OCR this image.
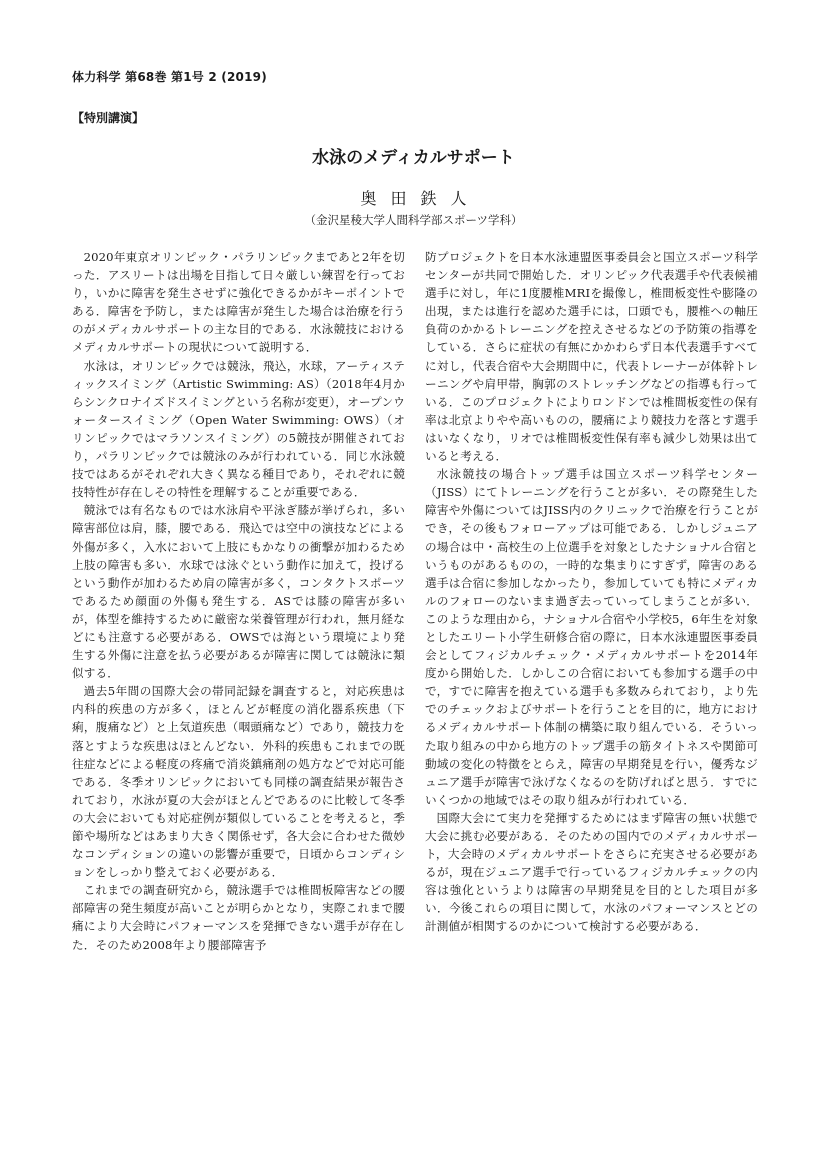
体力科学 第68巻 第1号 2 (2019)
【特別講演】
水泳のメディカルサポート
奥田鉄人
（金沢星稜大学人間科学部スポーツ学科）

2020年東京オリンピック・パラリンピックまであと2年を切った．アスリートは出場を目指して日々厳しい練習を行っており，いかに障害を発生させずに強化できるかがキーポイントである．障害を予防し，または障害が発生した場合は治療を行うのがメディカルサポートの主な目的である．水泳競技におけるメディカルサポートの現状について説明する．

水泳は，オリンピックでは競泳，飛込，水球，アーティスティックスイミング（Artistic Swimming: AS）（2018年4月からシンクロナイズドスイミングという名称が変更），オープンウォータースイミング（Open Water Swimming: OWS）（オリンピックではマラソンスイミング）の5競技が開催されており，パラリンピックでは競泳のみが行われている．同じ水泳競技ではあるがそれぞれ大きく異なる種目であり，それぞれに競技特性が存在しその特性を理解することが重要である．

競泳では有名なものでは水泳肩や平泳ぎ膝が挙げられ，多い障害部位は肩，膝，腰である．飛込では空中の演技などによる外傷が多く，入水において上肢にもかなりの衝撃が加わるため上肢の障害も多い．水球では泳ぐという動作に加えて，投げるという動作が加わるため肩の障害が多く，コンタクトスポーツであるため顔面の外傷も発生する．ASでは膝の障害が多いが，体型を維持するために厳密な栄養管理が行われ，無月経などにも注意する必要がある．OWSでは海という環境により発生する外傷に注意を払う必要があるが障害に関しては競泳に類似する．

過去5年間の国際大会の帯同記録を調査すると，対応疾患は内科的疾患の方が多く，ほとんどが軽度の消化器系疾患（下痢，腹痛など）と上気道疾患（咽頭痛など）であり，競技力を落とすような疾患はほとんどない．外科的疾患もこれまでの既往症などによる軽度の疼痛で消炎鎮痛剤の処方などで対応可能である．冬季オリンピックにおいても同様の調査結果が報告されており，水泳が夏の大会がほとんどであるのに比較して冬季の大会においても対応症例が類似していることを考えると，季節や場所などはあまり大きく関係せず，各大会に合わせた微妙なコンディションの違いの影響が重要で，日頃からコンディションをしっかり整えておく必要がある．

これまでの調査研究から，競泳選手では椎間板障害などの腰部障害の発生頻度が高いことが明らかとなり，実際これまで腰痛により大会時にパフォーマンスを発揮できない選手が存在した．そのため2008年より腰部障害予

防プロジェクトを日本水泳連盟医事委員会と国立スポーツ科学センターが共同で開始した．オリンピック代表選手や代表候補選手に対し，年に1度腰椎MRIを撮像し，椎間板変性や膨隆の出現，または進行を認めた選手には，口頭でも，腰椎への軸圧負荷のかかるトレーニングを控えさせるなどの予防策の指導をしている．さらに症状の有無にかかわらず日本代表選手すべてに対し，代表合宿や大会期間中に，代表トレーナーが体幹トレーニングや肩甲帯，胸郭のストレッチングなどの指導も行っている．このプロジェクトによりロンドンでは椎間板変性の保有率は北京よりやや高いものの，腰痛により競技力を落とす選手はいなくなり，リオでは椎間板変性保有率も減少し効果は出ていると考える．

水泳競技の場合トップ選手は国立スポーツ科学センター（JISS）にてトレーニングを行うことが多い．その際発生した障害や外傷についてはJISS内のクリニックで治療を行うことができ，その後もフォローアップは可能である．しかしジュニアの場合は中・高校生の上位選手を対象としたナショナル合宿というものがあるものの，一時的な集まりにすぎず，障害のある選手は合宿に参加しなかったり，参加していても特にメディカルのフォローのないまま過ぎ去っていってしまうことが多い．このような理由から，ナショナル合宿や小学校5，6年生を対象としたエリート小学生研修合宿の際に，日本水泳連盟医事委員会としてフィジカルチェック・メディカルサポートを2014年度から開始した．しかしこの合宿においても参加する選手の中で，すでに障害を抱えている選手も多数みられており，より先でのチェックおよびサポートを行うことを目的に，地方におけるメディカルサポート体制の構築に取り組んでいる．そういった取り組みの中から地方のトップ選手の筋タイトネスや関節可動域の変化の特徴をとらえ，障害の早期発見を行い，優秀なジュニア選手が障害で泳げなくなるのを防げればと思う．すでにいくつかの地域ではその取り組みが行われている．

国際大会にて実力を発揮するためにはまず障害の無い状態で大会に挑む必要がある．そのための国内でのメディカルサポート，大会時のメディカルサポートをさらに充実させる必要があるが，現在ジュニア選手で行っているフィジカルチェックの内容は強化というよりは障害の早期発見を目的とした項目が多い．今後これらの項目に関して，水泳のパフォーマンスとどの計測値が相関するのかについて検討する必要がある．
